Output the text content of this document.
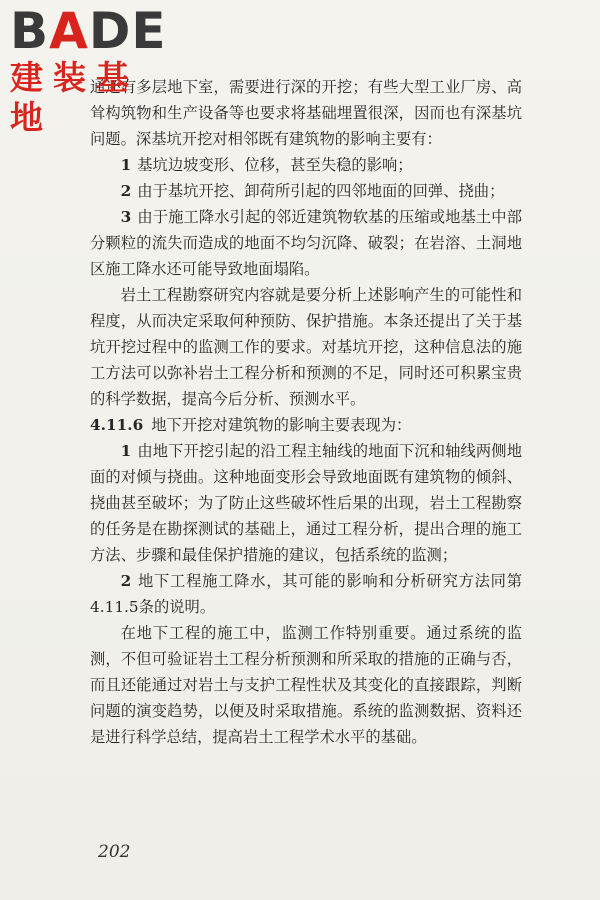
BADE
建装基地

通还有多层地下室，需要进行深的开挖；有些大型工业厂房、高耸构筑物和生产设备等也要求将基础埋置很深，因而也有深基坑问题。深基坑开挖对相邻既有建筑物的影响主要有：

1 基坑边坡变形、位移，甚至失稳的影响；

2 由于基坑开挖、卸荷所引起的四邻地面的回弹、挠曲；

3 由于施工降水引起的邻近建筑物软基的压缩或地基土中部分颗粒的流失而造成的地面不均匀沉降、破裂；在岩溶、土洞地区施工降水还可能导致地面塌陷。

岩土工程勘察研究内容就是要分析上述影响产生的可能性和程度，从而决定采取何种预防、保护措施。本条还提出了关于基坑开挖过程中的监测工作的要求。对基坑开挖，这种信息法的施工方法可以弥补岩土工程分析和预测的不足，同时还可积累宝贵的科学数据，提高今后分析、预测水平。

4.11.6 地下开挖对建筑物的影响主要表现为：

1 由地下开挖引起的沿工程主轴线的地面下沉和轴线两侧地面的对倾与挠曲。这种地面变形会导致地面既有建筑物的倾斜、挠曲甚至破坏；为了防止这些破坏性后果的出现，岩土工程勘察的任务是在勘探测试的基础上，通过工程分析，提出合理的施工方法、步骤和最佳保护措施的建议，包括系统的监测；

2 地下工程施工降水，其可能的影响和分析研究方法同第4.11.5条的说明。

在地下工程的施工中，监测工作特别重要。通过系统的监测，不但可验证岩土工程分析预测和所采取的措施的正确与否，而且还能通过对岩土与支护工程性状及其变化的直接跟踪，判断问题的演变趋势，以便及时采取措施。系统的监测数据、资料还是进行科学总结，提高岩土工程学术水平的基础。

202
